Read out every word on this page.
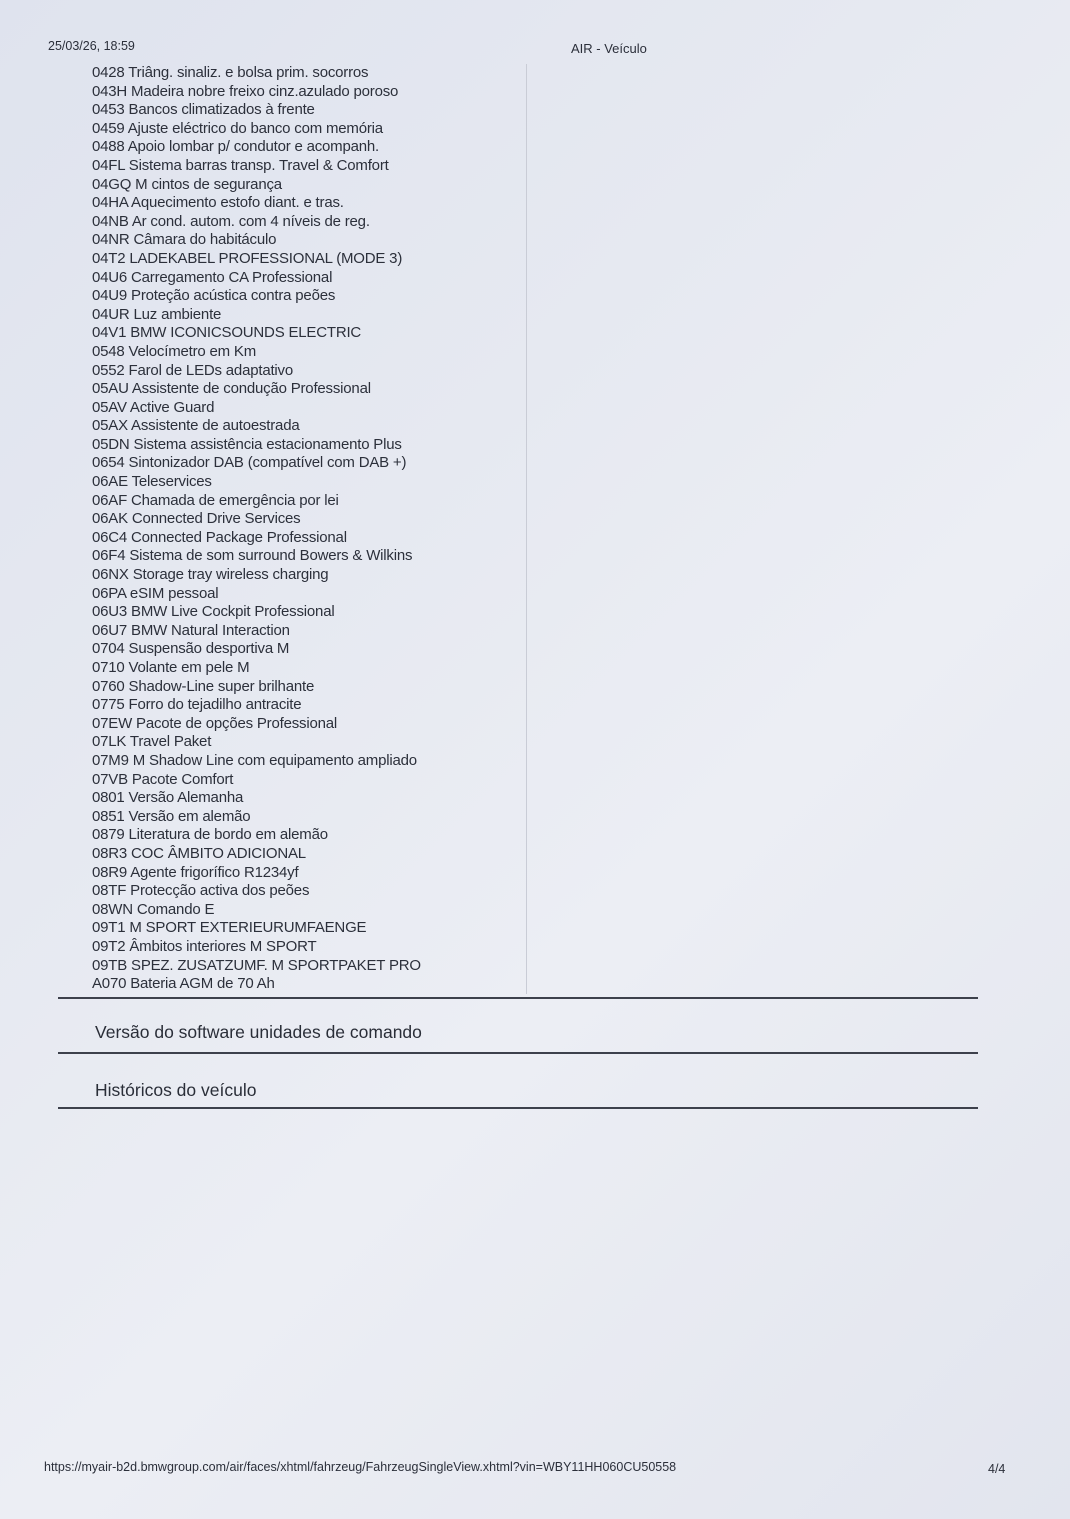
25/03/26, 18:59	AIR - Veículo
0428 Triâng. sinaliz. e bolsa prim. socorros
043H Madeira nobre freixo cinz.azulado poroso
0453 Bancos climatizados à frente
0459 Ajuste eléctrico do banco com memória
0488 Apoio lombar p/ condutor e acompanh.
04FL Sistema barras transp. Travel & Comfort
04GQ M cintos de segurança
04HA Aquecimento estofo diant. e tras.
04NB Ar cond. autom. com 4 níveis de reg.
04NR Câmara do habitáculo
04T2 LADEKABEL PROFESSIONAL (MODE 3)
04U6 Carregamento CA Professional
04U9 Proteção acústica contra peões
04UR Luz ambiente
04V1 BMW ICONICSOUNDS ELECTRIC
0548 Velocímetro em Km
0552 Farol de LEDs adaptativo
05AU Assistente de condução Professional
05AV Active Guard
05AX Assistente de autoestrada
05DN Sistema assistência estacionamento Plus
0654 Sintonizador DAB (compatível com DAB +)
06AE Teleservices
06AF Chamada de emergência por lei
06AK Connected Drive Services
06C4 Connected Package Professional
06F4 Sistema de som surround Bowers & Wilkins
06NX Storage tray wireless charging
06PA eSIM pessoal
06U3 BMW Live Cockpit Professional
06U7 BMW Natural Interaction
0704 Suspensão desportiva M
0710 Volante em pele M
0760 Shadow-Line super brilhante
0775 Forro do tejadilho antracite
07EW Pacote de opções Professional
07LK Travel Paket
07M9 M Shadow Line com equipamento ampliado
07VB Pacote Comfort
0801 Versão Alemanha
0851 Versão em alemão
0879 Literatura de bordo em alemão
08R3 COC ÂMBITO ADICIONAL
08R9 Agente frigorífico R1234yf
08TF Protecção activa dos peões
08WN Comando E
09T1 M SPORT EXTERIEURUMFAENGE
09T2 Âmbitos interiores M SPORT
09TB SPEZ. ZUSATZUMF. M SPORTPAKET PRO
A070 Bateria AGM de 70 Ah
Versão do software unidades de comando
Históricos do veículo
https://myair-b2d.bmwgroup.com/air/faces/xhtml/fahrzeug/FahrzeugSingleView.xhtml?vin=WBY11HH060CU50558	4/4
